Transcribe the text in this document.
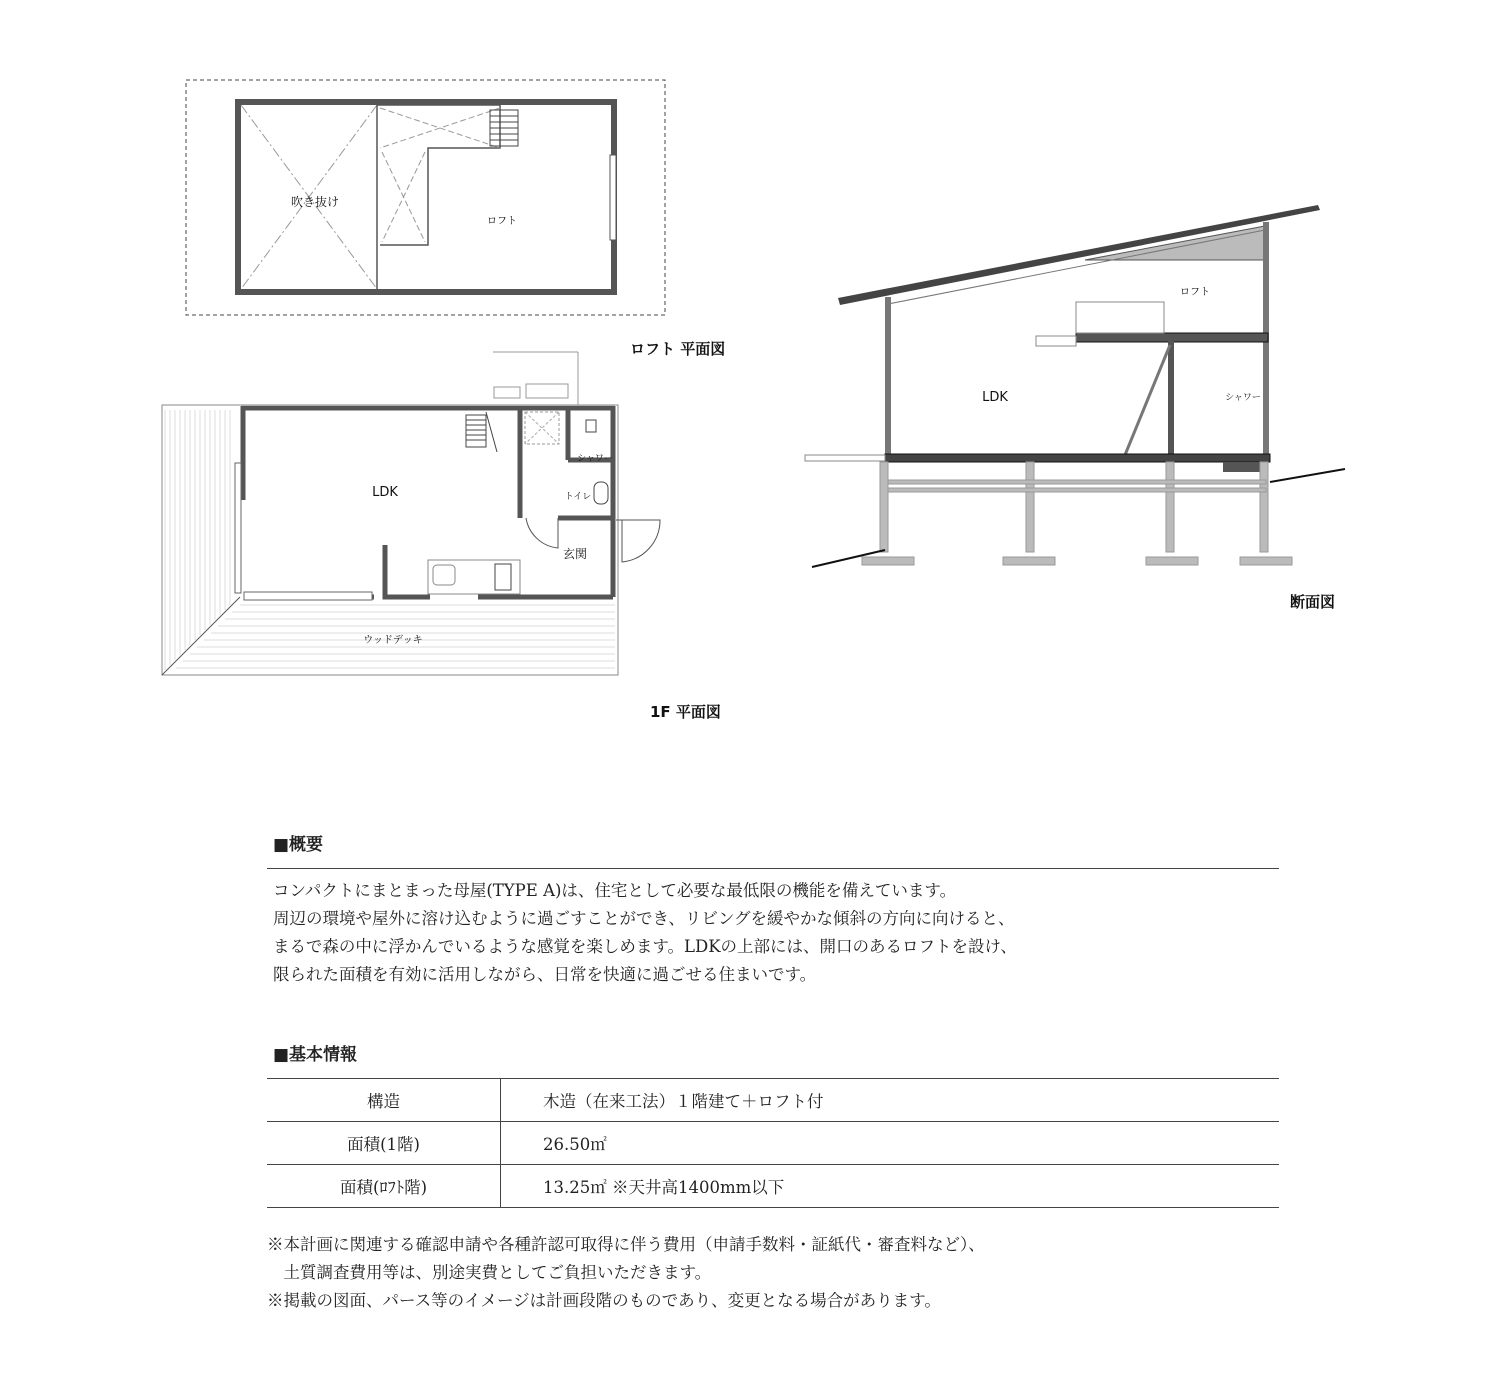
吹き抜け
ロフト
ロフト 平面図
LDK
シャワー
トイレ
玄関
ウッドデッキ
1F 平面図
ロフト
LDK	シャワー
断面図
■概要
コンパクトにまとまった母屋(TYPE A)は、住宅として必要な最低限の機能を備えています。
周辺の環境や屋外に溶け込むように過ごすことができ、リビングを緩やかな傾斜の方向に向けると、
まるで森の中に浮かんでいるような感覚を楽しめます。LDKの上部には、開口のあるロフトを設け、
限られた面積を有効に活用しながら、日常を快適に過ごせる住まいです。
■基本情報
構造	木造（在来工法）１階建て＋ロフト付
面積(1階)	26.50㎡
面積(ﾛﾌﾄ階)	13.25㎡ ※天井高1400mm以下
※本計画に関連する確認申請や各種許認可取得に伴う費用（申請手数料・証紙代・審査料など）、
　土質調査費用等は、別途実費としてご負担いただきます。
※掲載の図面、パース等のイメージは計画段階のものであり、変更となる場合があります。
